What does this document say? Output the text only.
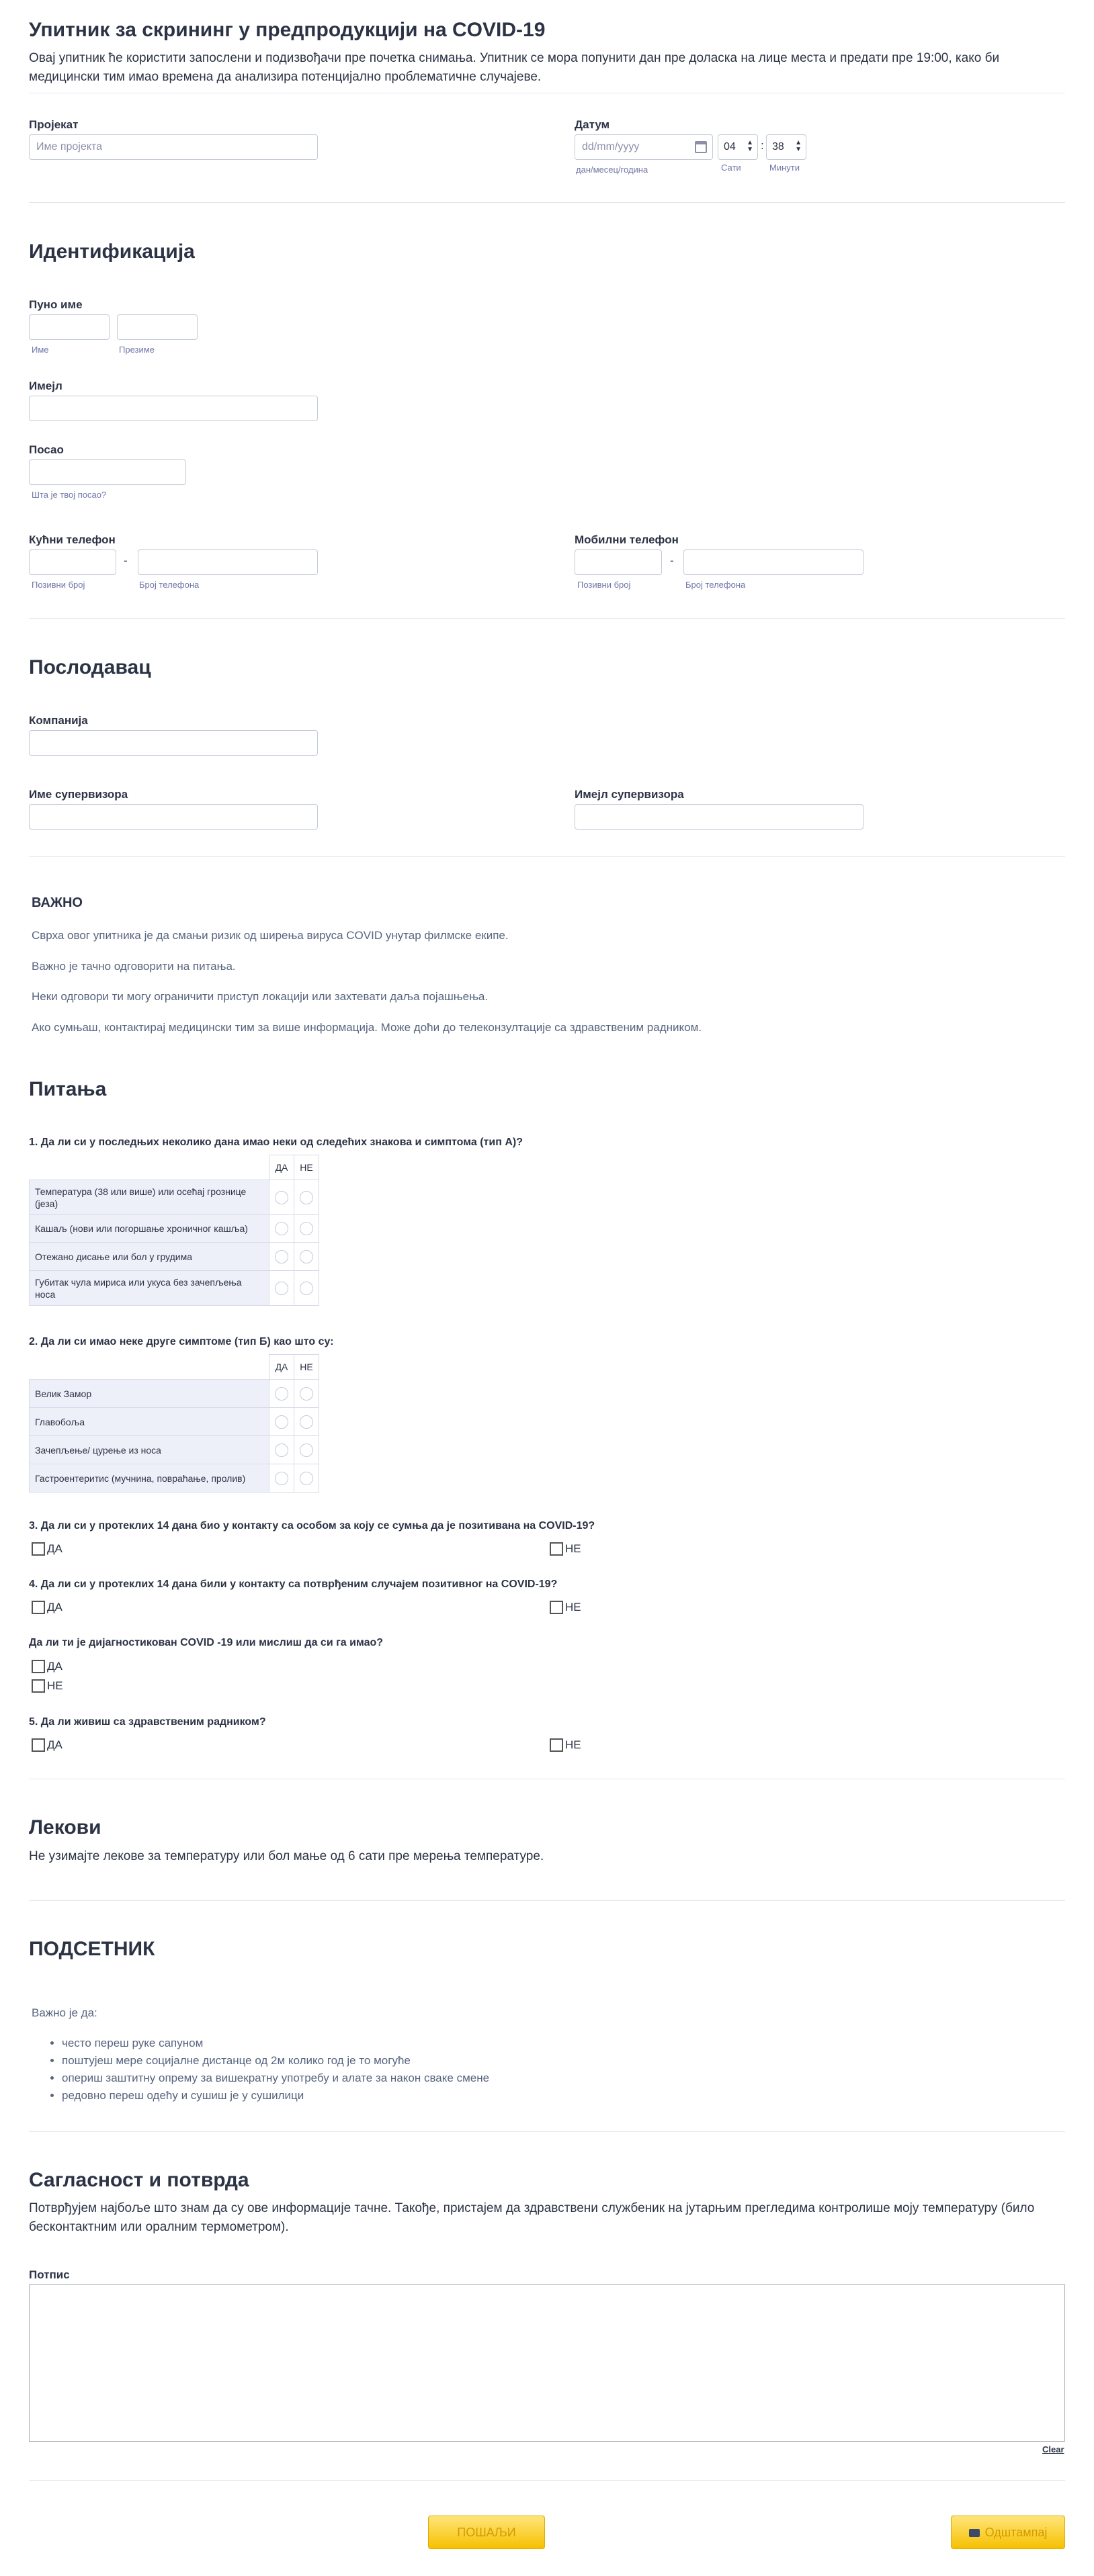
Упитник за скрининг у предпродукцији на COVID-19
Овај упитник ће користити запослени и подизвођачи пре почетка снимања. Упитник се мора попунити дан пре доласка на лице места и предати пре 19:00, како би медицински тим имао времена да анализира потенцијално проблематичне случајеве.
Пројекат
Име пројекта
Датум
dd/mm/yyyy
дан/месец/година
04 ▲
▼ : 38 ▲
▼
Сати	Минути
Идентификација
Пуно име
Име	Презиме
Имејл
Посао
Шта је твој посао?
Кућни телефон
-
Позивни број	Број телефона
Мобилни телефон
-
Позивни број	Број телефона
Послодавац
Компанија
Име супервизора	Имејл супервизора
ВАЖНО
Сврха овог упитника је да смањи ризик од ширења вируса COVID унутар филмске екипе.
Важно је тачно одговорити на питања.
Неки одговори ти могу ограничити приступ локацији или захтевати даља појашњења.
Ако сумњаш, контактирај медицински тим за више информација. Може доћи до телеконзултације са здравственим радником.
Питања
1. Да ли си у последњих неколико дана имао неки од следећих знакова и симптома (тип А)?
	ДА	НЕ
Температура (38 или више) или осећај грознице (језа)		
Кашаљ (нови или погоршање хроничног кашља)		
Отежано дисање или бол у грудима		
Губитак чула мириса или укуса без зачепљења носа		
2. Да ли си имао неке друге симптоме (тип Б) као што су:
	ДА	НЕ
Велик Замор		
Главобоља		
Зачепљење/ цурење из носа		
Гастроентеритис (мучнина, повраћање, пролив)		
3. Да ли си у протеклих 14 дана био у контакту са особом за коју се сумња да је позитивана на COVID-19?
ДА	НЕ
4. Да ли си у протеклих 14 дана били у контакту са потврђеним случајем позитивног на COVID-19?
ДА	НЕ
Да ли ти је дијагностикован COVID -19 или мислиш да си га имао?
ДА
НЕ
5. Да ли живиш са здравственим радником?
ДА	НЕ
Лекови
Не узимајте лекове за температуру или бол мање од 6 сати пре мерења температуре.
ПОДСЕТНИК
Важно је да:
• често переш руке сапуном
• поштујеш мере социјалне дистанце од 2м колико год је то могуће
• опериш заштитну опрему за вишекратну употребу и алате за након сваке смене
• редовно переш одећу и сушиш је у сушилици
Сагласност и потврда
Потврђујем најбоље што знам да су ове информације тачне. Такође, пристајем да здравствени службеник на јутарњим прегледима контролише моју температуру (било бесконтактним или оралним термометром).
Потпис
Clear
ПОШАЉИ	Одштампај
